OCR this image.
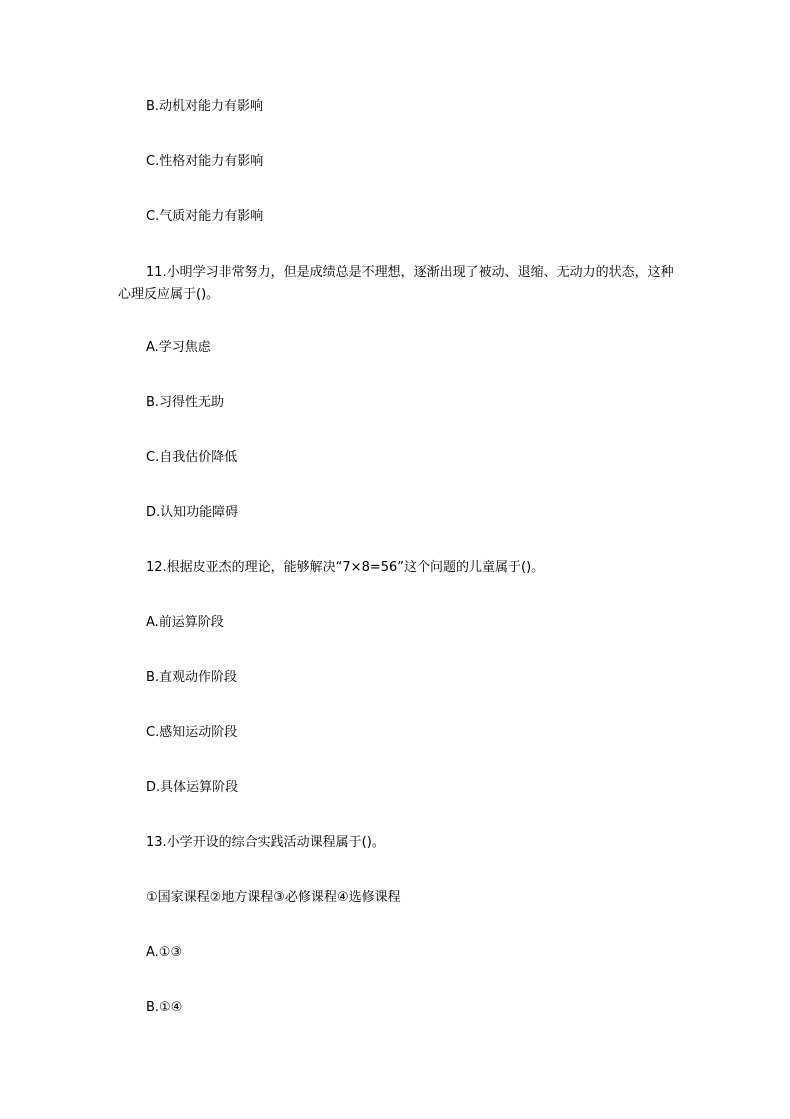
B.动机对能力有影响
C.性格对能力有影响
C.气质对能力有影响
11.小明学习非常努力，但是成绩总是不理想，逐渐出现了被动、退缩、无动力的状态，这种心理反应属于()。
A.学习焦虑
B.习得性无助
C.自我估价降低
D.认知功能障碍
12.根据皮亚杰的理论，能够解决“7×8=56”这个问题的儿童属于()。
A.前运算阶段
B.直观动作阶段
C.感知运动阶段
D.具体运算阶段
13.小学开设的综合实践活动课程属于()。
①国家课程②地方课程③必修课程④选修课程
A.①③
B.①④
